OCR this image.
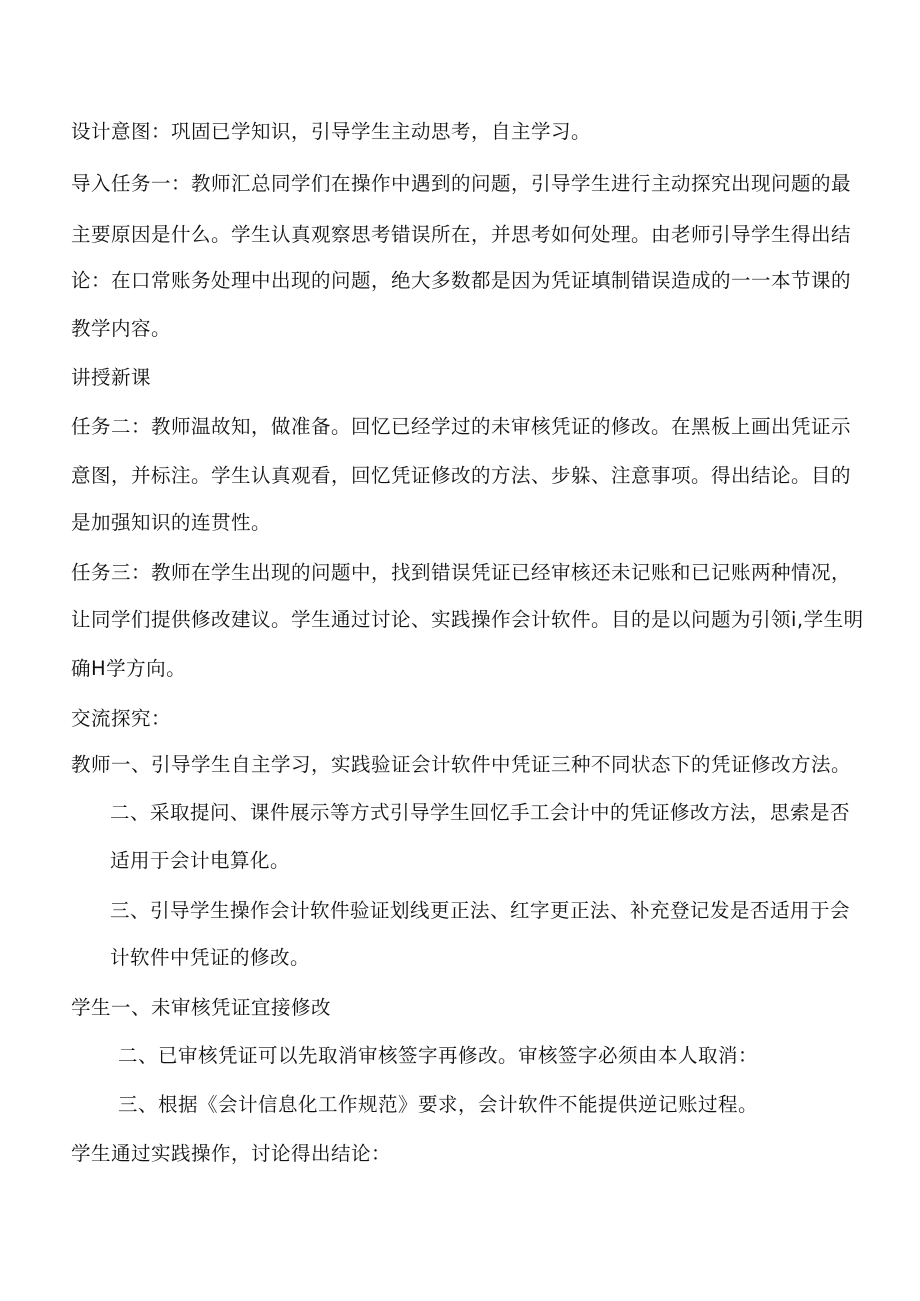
设计意图：巩固已学知识，引导学生主动思考，自主学习。
导入任务一：教师汇总同学们在操作中遇到的问题，引导学生进行主动探究出现问题的最
主要原因是什么。学生认真观察思考错误所在，并思考如何处理。由老师引导学生得出结
论：在口常账务处理中出现的问题，绝大多数都是因为凭证填制错误造成的一一本节课的
教学内容。
讲授新课
任务二：教师温故知，做准备。回忆已经学过的未审核凭证的修改。在黑板上画出凭证示
意图，并标注。学生认真观看，回忆凭证修改的方法、步躲、注意事项。得出结论。目的
是加强知识的连贯性。
任务三：教师在学生出现的问题中，找到错误凭证已经审核还未记账和已记账两种情况，
让同学们提供修改建议。学生通过讨论、实践操作会计软件。目的是以问题为引领i,学生明
确H学方向。
交流探究：
教师一、引导学生自主学习，实践验证会计软件中凭证三种不同状态下的凭证修改方法。
二、采取提问、课件展示等方式引导学生回忆手工会计中的凭证修改方法，思索是否
适用于会计电算化。
三、引导学生操作会计软件验证划线更正法、红字更正法、补充登记发是否适用于会
计软件中凭证的修改。
学生一、未审核凭证宜接修改
二、已审核凭证可以先取消审核签字再修改。审核签字必须由本人取消：
三、根据《会计信息化工作规范》要求，会计软件不能提供逆记账过程。
学生通过实践操作，讨论得出结论：
